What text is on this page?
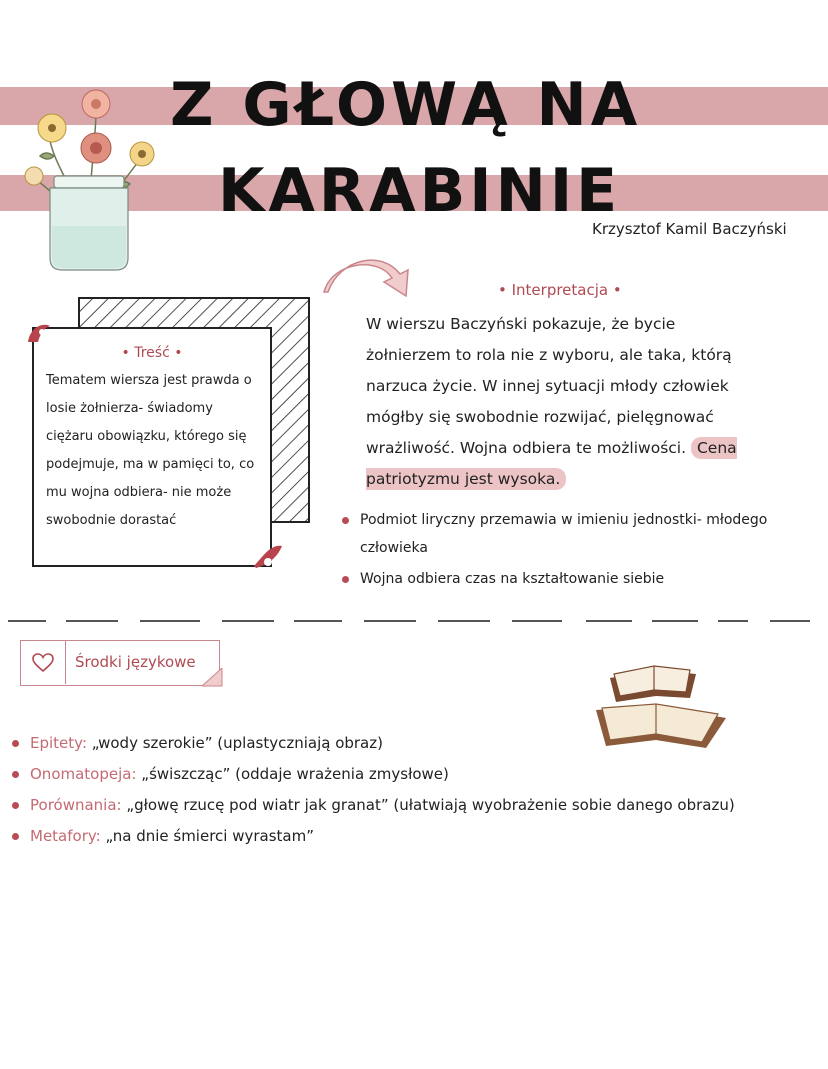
Z GŁOWĄ NA
KARABINIE
Krzysztof Kamil Baczyński
• Treść •
Tematem wiersza jest prawda o losie żołnierza- świadomy ciężaru obowiązku, którego się podejmuje, ma w pamięci to, co mu wojna odbiera- nie może swobodnie dorastać
• Interpretacja •
W wierszu Baczyński pokazuje, że bycie żołnierzem to rola nie z wyboru, ale taka, którą narzuca życie. W innej sytuacji młody człowiek mógłby się swobodnie rozwijać, pielęgnować wrażliwość. Wojna odbiera te możliwości. Cena patriotyzmu jest wysoka.
Podmiot liryczny przemawia w imieniu jednostki- młodego człowieka
Wojna odbiera czas na kształtowanie siebie
Środki językowe
Epitety: „wody szerokie” (uplastyczniają obraz)
Onomatopeja: „świszcząc” (oddaje wrażenia zmysłowe)
Porównania: „głowę rzucę pod wiatr jak granat” (ułatwiają wyobrażenie sobie danego obrazu)
Metafory: „na dnie śmierci wyrastam”
